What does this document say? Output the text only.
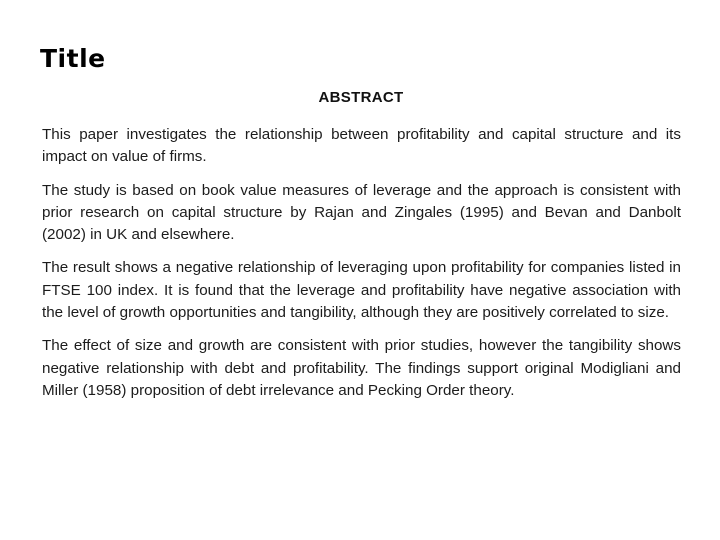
Title
ABSTRACT

This paper investigates the relationship between profitability and capital structure and its impact on value of firms.

The study is based on book value measures of leverage and the approach is consistent with prior research on capital structure by Rajan and Zingales (1995) and Bevan and Danbolt (2002) in UK and elsewhere.

The result shows a negative relationship of leveraging upon profitability for companies listed in FTSE 100 index. It is found that the leverage and profitability have negative association with the level of growth opportunities and tangibility, although they are positively correlated to size.

The effect of size and growth are consistent with prior studies, however the tangibility shows negative relationship with debt and profitability. The findings support original Modigliani and Miller (1958) proposition of debt irrelevance and Pecking Order theory.
